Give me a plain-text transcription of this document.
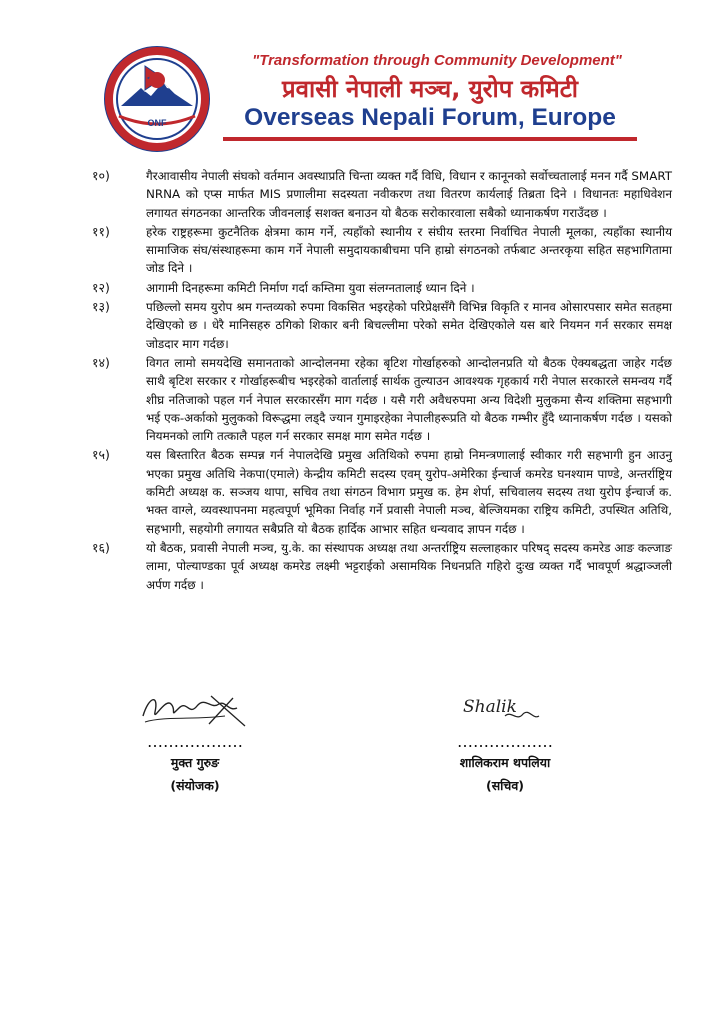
ONF
"Transformation through Community Development"
प्रवासी नेपाली मञ्च, युरोप कमिटी
Overseas Nepali Forum, Europe
१०)	गैरआवासीय नेपाली संघको वर्तमान अवस्थाप्रति चिन्ता व्यक्त गर्दै विधि, विधान र कानूनको सर्वोच्चतालाई मनन गर्दै SMART NRNA को एप्स मार्फत MIS प्रणालीमा सदस्यता नवीकरण तथा वितरण कार्यलाई तिब्रता दिने । विधानतः महाधिवेशन लगायत संगठनका आन्तरिक जीवनलाई सशक्त बनाउन यो बैठक सरोकारवाला सबैको ध्यानाकर्षण गराउँदछ ।
११)	हरेक राष्ट्रहरूमा कुटनैतिक क्षेत्रमा काम गर्ने, त्यहाँको स्थानीय र संघीय स्तरमा निर्वाचित नेपाली मूलका, त्यहाँका स्थानीय सामाजिक संघ/संस्थाहरूमा काम गर्ने नेपाली समुदायकाबीचमा पनि हाम्रो संगठनको तर्फबाट अन्तरकृया सहित सहभागितामा जोड दिने ।
१२)	आगामी दिनहरूमा कमिटी निर्माण गर्दा कम्तिमा युवा संलग्नतालाई ध्यान दिने ।
१३)	पछिल्लो समय युरोप श्रम गन्तव्यको रुपमा विकसित भइरहेको परिप्रेक्षसँगै विभिन्न विकृति र मानव ओसारपसार समेत सतहमा देखिएको छ । धेरै मानिसहरु ठगिको शिकार बनी बिचल्लीमा परेको समेत देखिएकोले यस बारे नियमन गर्न सरकार समक्ष जोडदार माग गर्दछ।
१४)	विगत लामो समयदेखि समानताको आन्दोलनमा रहेका बृटिश गोर्खाहरुको आन्दोलनप्रति यो बैठक ऐक्यबद्धता जाहेर गर्दछ साथै बृटिश सरकार र गोर्खाहरूबीच भइरहेको वार्तालाई सार्थक तुल्याउन आवश्यक गृहकार्य गरी नेपाल सरकारले समन्वय गर्दै शीघ्र नतिजाको पहल गर्न नेपाल सरकारसँग माग गर्दछ । यसै गरी अवैधरुपमा अन्य विदेशी मुलुकमा सैन्य शक्तिमा सहभागी भई एक-अर्काको मुलुकको विरूद्धमा लड्दै ज्यान गुमाइरहेका नेपालीहरूप्रति यो बैठक गम्भीर हुँदै ध्यानाकर्षण गर्दछ । यसको नियमनको लागि तत्कालै पहल गर्न सरकार समक्ष माग समेत गर्दछ ।
१५)	यस बिस्तारित बैठक सम्पन्न गर्न नेपालदेखि प्रमुख अतिथिको रुपमा हाम्रो निमन्त्रणालाई स्वीकार गरी सहभागी हुन आउनु भएका प्रमुख अतिथि नेकपा(एमाले) केन्द्रीय कमिटी सदस्य एवम् युरोप-अमेरिका ईन्चार्ज कमरेड घनश्याम पाण्डे, अन्तर्राष्ट्रिय कमिटी अध्यक्ष क. सञ्जय थापा, सचिव तथा संगठन विभाग प्रमुख क. हेम शेर्पा, सचिवालय सदस्य तथा युरोप ईन्चार्ज क. भक्त वाग्ले, व्यवस्थापनमा महत्वपूर्ण भूमिका निर्वाह गर्ने प्रवासी नेपाली मञ्च, बेल्जियमका राष्ट्रिय कमिटी, उपस्थित अतिथि, सहभागी, सहयोगी लगायत सबैप्रति यो बैठक हार्दिक आभार सहित धन्यवाद ज्ञापन गर्दछ ।
१६)	यो बैठक, प्रवासी नेपाली मञ्च, यु.के. का संस्थापक अध्यक्ष तथा अन्तर्राष्ट्रिय सल्लाहकार परिषद् सदस्य कमरेड आङ कल्जाङ लामा, पोल्याण्डका पूर्व अध्यक्ष कमरेड लक्ष्मी भट्टराईको असामयिक निधनप्रति गहिरो दुःख व्यक्त गर्दै भावपूर्ण श्रद्धाञ्जली अर्पण गर्दछ ।
………………
मुक्त गुरुङ
(संयोजक)
Shalik
………………
शालिकराम थपलिया
(सचिव)
